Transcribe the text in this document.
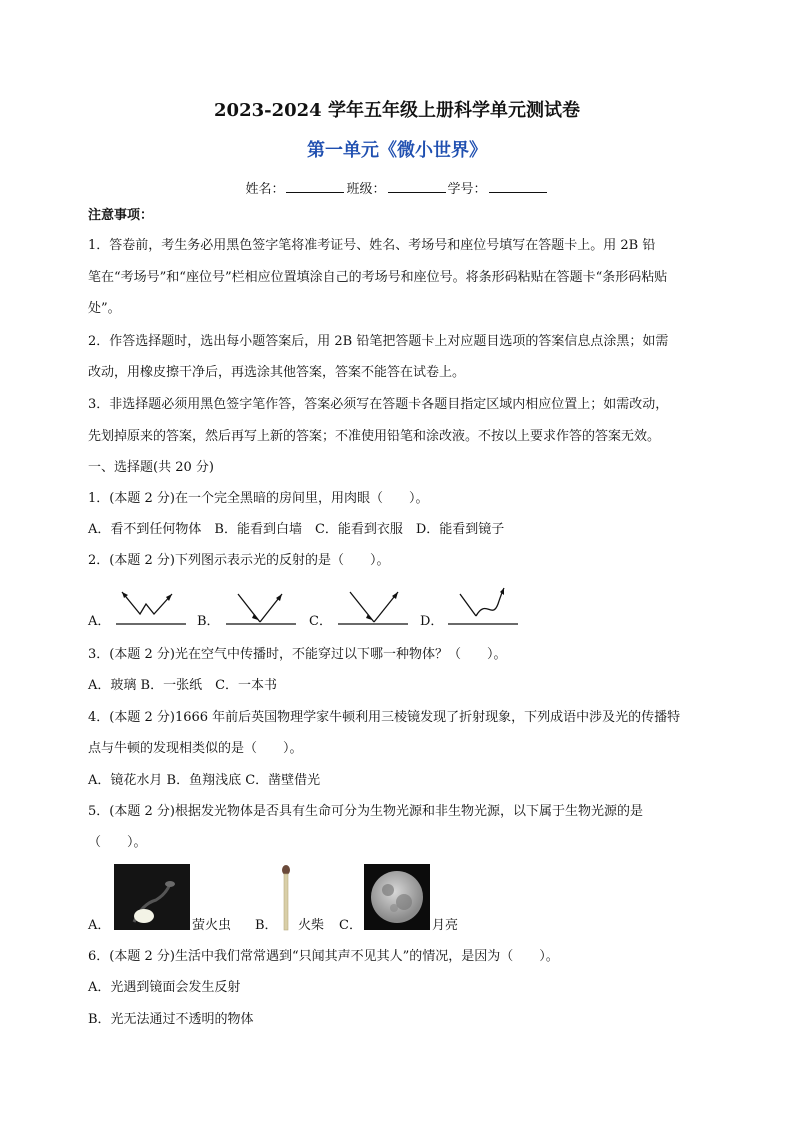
2023-2024 学年五年级上册科学单元测试卷
第一单元《微小世界》
姓名：	班级：	学号：
注意事项：
1．答卷前，考生务必用黑色签字笔将准考证号、姓名、考场号和座位号填写在答题卡上。用 2B 铅
笔在“考场号”和“座位号”栏相应位置填涂自己的考场号和座位号。将条形码粘贴在答题卡“条形码粘贴
处”。
2．作答选择题时，选出每小题答案后，用 2B 铅笔把答题卡上对应题目选项的答案信息点涂黑；如需
改动，用橡皮擦干净后，再选涂其他答案，答案不能答在试卷上。
3．非选择题必须用黑色签字笔作答，答案必须写在答题卡各题目指定区域内相应位置上；如需改动，
先划掉原来的答案，然后再写上新的答案；不准使用铅笔和涂改液。不按以上要求作答的答案无效。
一、选择题(共 20 分)
1．(本题 2 分)在一个完全黑暗的房间里，用肉眼（　　）。
A．看不到任何物体　B．能看到白墙　C．能看到衣服　D．能看到镜子
2．(本题 2 分)下列图示表示光的反射的是（　　）。
A．	B．	C．	D．
3．(本题 2 分)光在空气中传播时，不能穿过以下哪一种物体？（　　）。
A．玻璃 B．一张纸　C．一本书
4．(本题 2 分)1666 年前后英国物理学家牛顿利用三棱镜发现了折射现象，下列成语中涉及光的传播特
点与牛顿的发现相类似的是（　　）。
A．镜花水月 B．鱼翔浅底 C．凿壁借光
5．(本题 2 分)根据发光物体是否具有生命可分为生物光源和非生物光源，以下属于生物光源的是
（　　）。
A．	萤火虫 B． 火柴 C．	月亮
6．(本题 2 分)生活中我们常常遇到“只闻其声不见其人”的情况，是因为（　　）。
A．光遇到镜面会发生反射
B．光无法通过不透明的物体
